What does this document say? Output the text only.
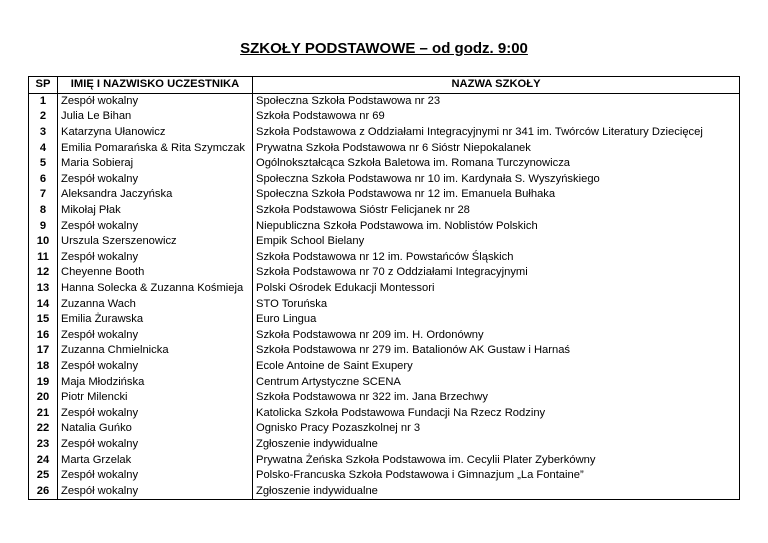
SZKOŁY PODSTAWOWE – od godz. 9:00
SP	IMIĘ I NAZWISKO UCZESTNIKA	NAZWA SZKOŁY
1	Zespół wokalny	Społeczna Szkoła Podstawowa nr 23
2	Julia Le Bihan	Szkoła Podstawowa nr 69
3	Katarzyna Ułanowicz	Szkoła Podstawowa z Oddziałami Integracyjnymi nr 341 im. Twórców Literatury Dziecięcej
4	Emilia Pomarańska & Rita Szymczak	Prywatna Szkoła Podstawowa nr 6 Sióstr Niepokalanek
5	Maria Sobieraj	Ogólnokształcąca Szkoła Baletowa im. Romana Turczynowicza
6	Zespół wokalny	Społeczna Szkoła Podstawowa nr 10 im. Kardynała S. Wyszyńskiego
7	Aleksandra Jaczyńska	Społeczna Szkoła Podstawowa nr 12 im. Emanuela Bułhaka
8	Mikołaj Płak	Szkoła Podstawowa Sióstr Felicjanek nr 28
9	Zespół wokalny	Niepubliczna Szkoła Podstawowa im. Noblistów Polskich
10	Urszula Szerszenowicz	Empik School Bielany
11	Zespół wokalny	Szkoła Podstawowa nr 12 im. Powstańców Śląskich
12	Cheyenne Booth	Szkoła Podstawowa nr 70 z Oddziałami Integracyjnymi
13	Hanna Solecka & Zuzanna Kośmieja	Polski Ośrodek Edukacji Montessori
14	Zuzanna Wach	STO Toruńska
15	Emilia Żurawska	Euro Lingua
16	Zespół wokalny	Szkoła Podstawowa nr 209 im. H. Ordonówny
17	Zuzanna Chmielnicka	Szkoła Podstawowa nr 279 im. Batalionów AK Gustaw i Harnaś
18	Zespół wokalny	Ecole Antoine de Saint Exupery
19	Maja Młodzińska	Centrum Artystyczne SCENA
20	Piotr Milencki	Szkoła Podstawowa nr 322 im. Jana Brzechwy
21	Zespół wokalny	Katolicka Szkoła Podstawowa Fundacji Na Rzecz Rodziny
22	Natalia Guńko	Ognisko Pracy Pozaszkolnej nr 3
23	Zespół wokalny	Zgłoszenie indywidualne
24	Marta Grzelak	Prywatna Żeńska Szkoła Podstawowa im. Cecylii Plater Zyberkówny
25	Zespół wokalny	Polsko-Francuska Szkoła Podstawowa i Gimnazjum „La Fontaine”
26	Zespół wokalny	Zgłoszenie indywidualne
